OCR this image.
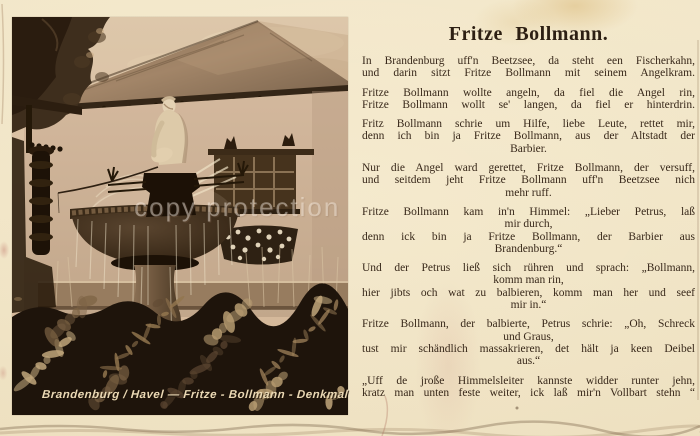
copy protection
Brandenburg / Havel — Fritze - Bollmann - Denkmal
Fritze Bollmann.
In Brandenburg uff'n Beetzsee, da steht een Fischerkahn,
und darin sitzt Fritze Bollmann mit seinem Angelkram.
Fritze Bollmann wollte angeln, da fiel die Angel rin,
Fritze Bollmann wollt se' langen, da fiel er hinterdrin.
Fritz Bollmann schrie um Hilfe, liebe Leute, rettet mir,
denn ich bin ja Fritze Bollmann, aus der Altstadt der
Barbier.
Nur die Angel ward gerettet, Fritze Bollmann, der versuff,
und seitdem jeht Fritze Bollmann uff'n Beetzsee nich
mehr ruff.
Fritze Bollmann kam in'n Himmel: „Lieber Petrus, laß
mir durch,
denn ick bin ja Fritze Bollmann, der Barbier aus
Brandenburg.“
Und der Petrus ließ sich rühren und sprach: „Bollmann,
komm man rin,
hier jibts och wat zu balbieren, komm man her und seef
mir in.“
Fritze Bollmann, der balbierte, Petrus schrie: „Oh, Schreck
und Graus,
tust mir schändlich massakrieren, det hält ja keen Deibel
aus.“
„Uff de jroße Himmelsleiter kannste widder runter jehn,
kratz man unten feste weiter, ick laß mir'n Vollbart stehn “
